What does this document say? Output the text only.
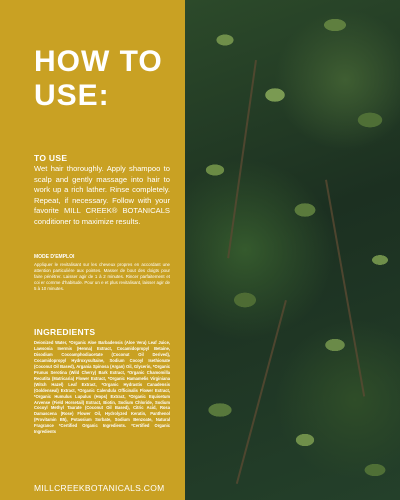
HOW TO
USE:

TO USE

Wet hair thoroughly. Apply shampoo to scalp and gently massage into hair to work up a rich lather. Rinse completely. Repeat, if necessary. Follow with your favorite MILL CREEK® BOTANICALS conditioner to maximize results.

MODE D'EMPLOI

Appliquer le revitalisant sur les cheveux propres en accordant une attention particulière aux pointes. Masser de bout des doigts pour faire pénétrer. Laisser agir de 1 à 2 minutes. Rincer parfaitement et coi er comme d'habitude. Pour un e et plus revitalisant, laisser agir de 5 à 10 minutes.

INGREDIENTS

Deionized Water, *Organic Aloe Barbadensis (Aloe Vera) Leaf Juice, Lawsonia Inermis (Henna) Extract, Cocamidopropyl Betaine, Disodium Cocoamphodiacetate (Coconut Oil Derived), Cocamidopropyl Hydroxysultaine, Sodium Cocoyl Isethionate (Coconut Oil Based), Argania Spinosa (Argan) Oil, Glycerin, *Organic Prunus Serotina (Wild Cherry) Bark Extract, *Organic Chamomilla Recutita (Matricaria) Flower Extract, *Organic Hamamelis Virginiana (Witch Hazel) Leaf Extract, *Organic Hydrastis Canadensis (Goldenseal) Extract, *Organic Calendula Officinalis Flower Extract, *Organic Humulus Lupulus (Hops) Extract, *Organic Equisetum Arvense (Field Horsetail) Extract, Biotin, Sodium Chloride, Sodium Cocoyl Methyl Taurate (Coconut Oil Based), Citric Acid, Rosa Damascena (Rose) Flower Oil, Hydrolyzed Keratin, Panthenol (Provitamin B5), Potassium Sorbate, Sodium Benzoate, Natural Fragrance *Certified Organic Ingredients. *Certified Organic Ingredients

MILLCREEKBOTANICALS.COM
